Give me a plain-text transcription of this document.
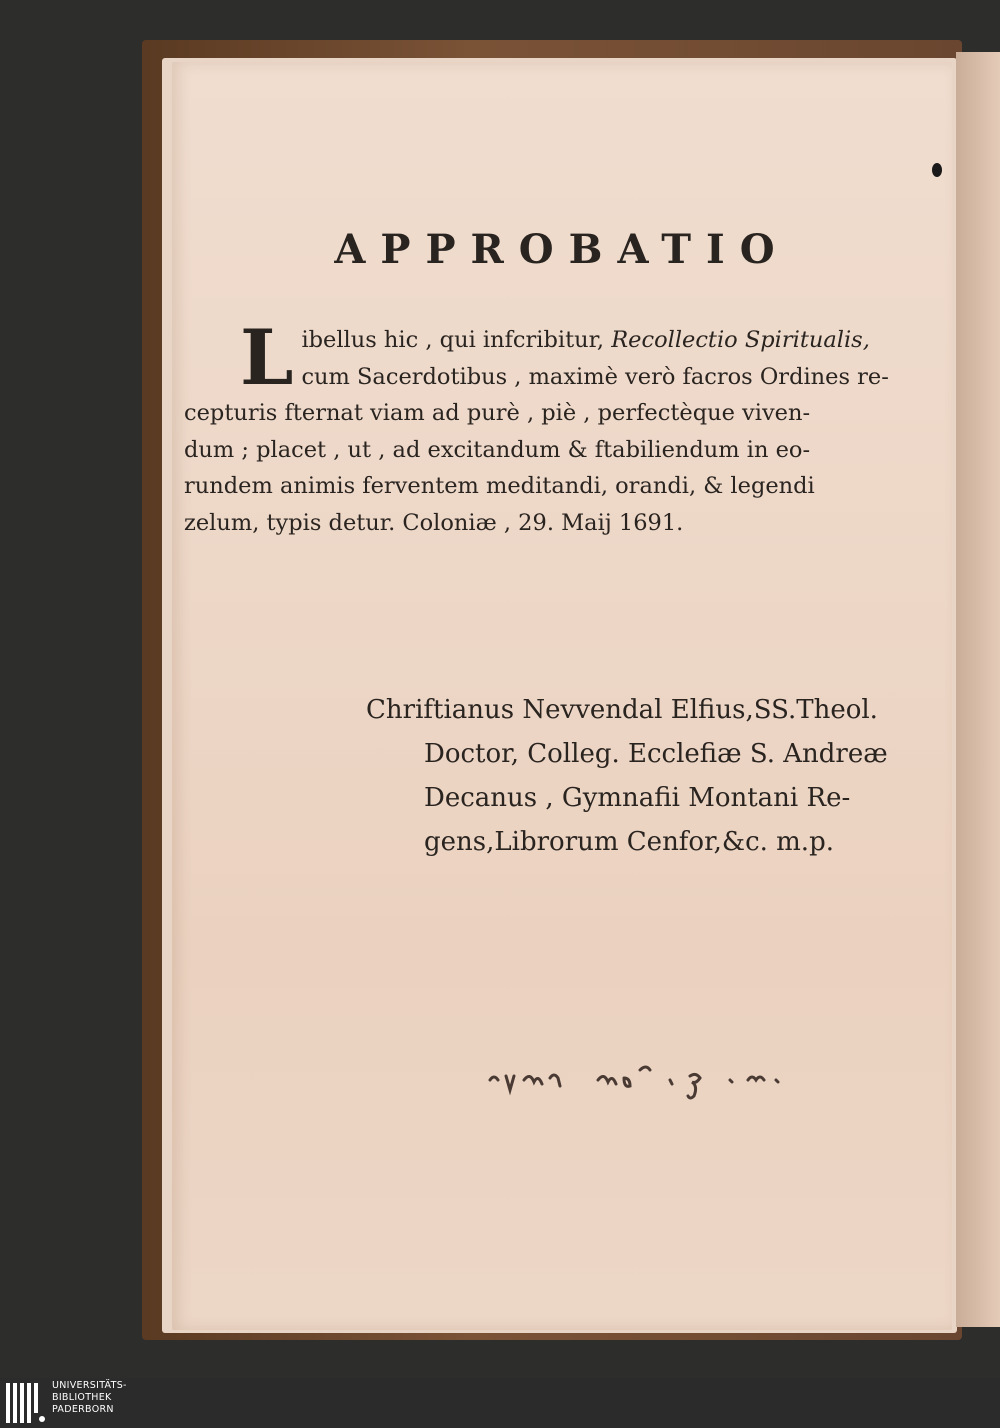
APPROBATIO
L ibellus hic , qui infcribitur, Recollectio Spiritualis,
cum Sacerdotibus , maximè verò facros Ordines re-
cepturis fternat viam ad purè , piè , perfectèque viven-
dum ; placet , ut , ad excitandum & ftabiliendum in eo-
rundem animis ferventem meditandi, orandi, & legendi
zelum, typis detur. Coloniæ , 29. Maij 1691.
Chriftianus Nevvendal Elfius,SS.Theol.
Doctor, Colleg. Ecclefiæ S. Andreæ
Decanus , Gymnafii Montani Re-
gens,Librorum Cenfor,&c. m.p.
UNIVERSITÄTS-
BIBLIOTHEK
PADERBORN
